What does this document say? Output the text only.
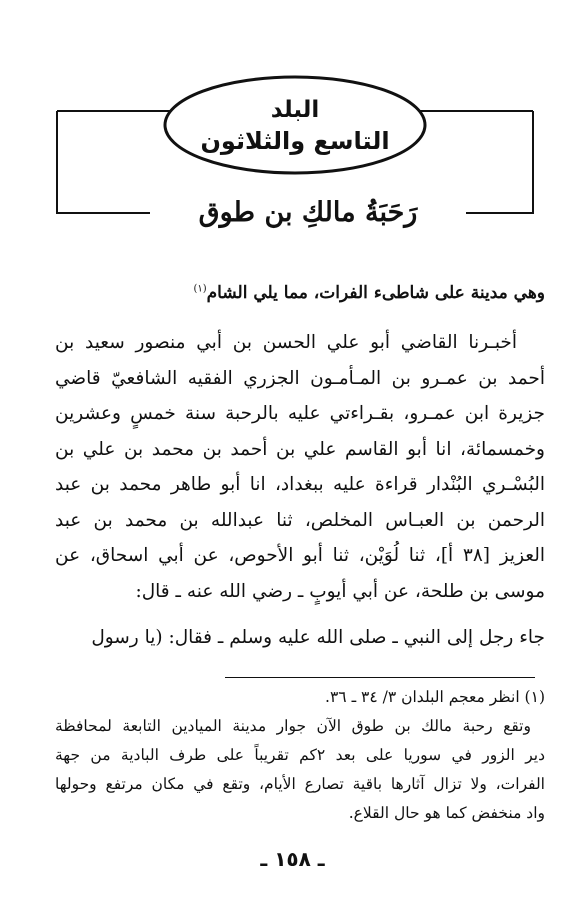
البلد
التاسع والثلاثون
رَحَبَةُ مالكِ بن طوق
وهي مدينة على شاطىء الفرات، مما يلي الشام$^{(١)}$
أخبـرنا القاضي أبو علي الحسن بن أبي منصور سعيد بن
أحمد بن عمـرو بن المـأمـون الجزري الفقيه الشافعيّ قاضي
جزيرة ابن عمـرو، بقـراءتي عليه بالرحبة سنة خمسٍ وعشرين
وخمسمائة، انا أبو القاسم علي بن أحمد بن محمد بن علي بن
البُسْـري البُنْدار قراءة عليه ببغداد، انا أبو طاهر محمد بن عبد
الرحمن بن العبـاس المخلص، ثنا عبدالله بن محمد بن عبد
العزيز [٣٨ أ]، ثنا لُوَيْن، ثنا أبو الأحوص، عن أبي اسحاق، عن
موسى بن طلحة، عن أبي أيوبٍ ـ رضي الله عنه ـ قال:
جاء رجل إلى النبي ـ صلى الله عليه وسلم ـ فقال: (يا رسول
(١) انظر معجم البلدان ٣/ ٣٤ ـ ٣٦.
وتقع رحبة مالك بن طوق الآن جوار مدينة الميادين التابعة لمحافظة
دير الزور في سوريا على بعد ٢كم تقريباً على طرف البادية من جهة
الفرات، ولا تزال آثارها باقية تصارع الأيام، وتقع في مكان مرتفع وحولها
واد منخفض كما هو حال القلاع.
ـ ١٥٨ ـ
